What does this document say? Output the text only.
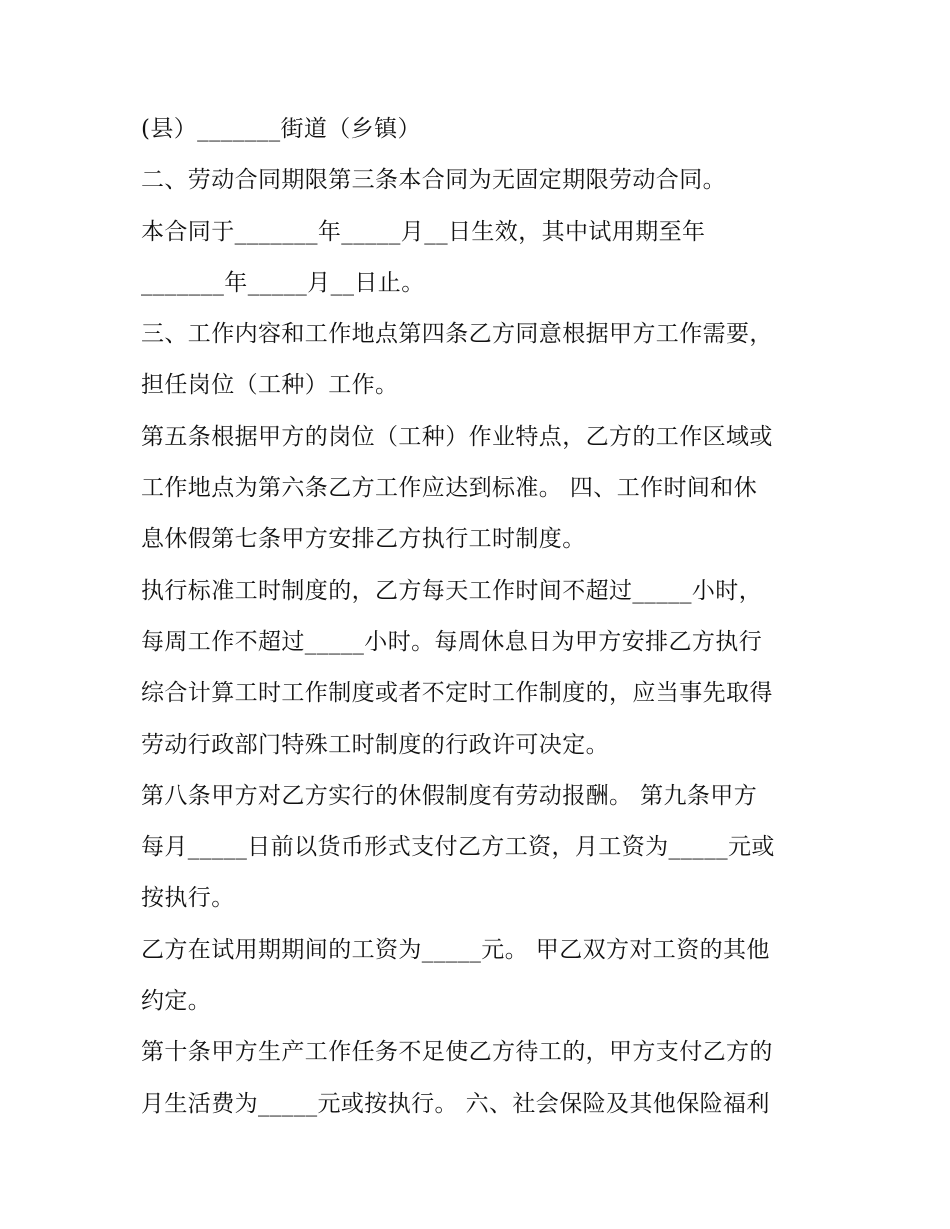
(县）_______街道（乡镇）
二、劳动合同期限第三条本合同为无固定期限劳动合同。
本合同于_______年_____月__日生效，其中试用期至年
_______年_____月__日止。
三、工作内容和工作地点第四条乙方同意根据甲方工作需要，
担任岗位（工种）工作。
第五条根据甲方的岗位（工种）作业特点，乙方的工作区域或
工作地点为第六条乙方工作应达到标准。 四、工作时间和休
息休假第七条甲方安排乙方执行工时制度。
执行标准工时制度的，乙方每天工作时间不超过_____小时，
每周工作不超过_____小时。每周休息日为甲方安排乙方执行
综合计算工时工作制度或者不定时工作制度的，应当事先取得
劳动行政部门特殊工时制度的行政许可决定。
第八条甲方对乙方实行的休假制度有劳动报酬。 第九条甲方
每月_____日前以货币形式支付乙方工资，月工资为_____元或
按执行。
乙方在试用期期间的工资为_____元。 甲乙双方对工资的其他
约定。
第十条甲方生产工作任务不足使乙方待工的，甲方支付乙方的
月生活费为_____元或按执行。 六、社会保险及其他保险福利
